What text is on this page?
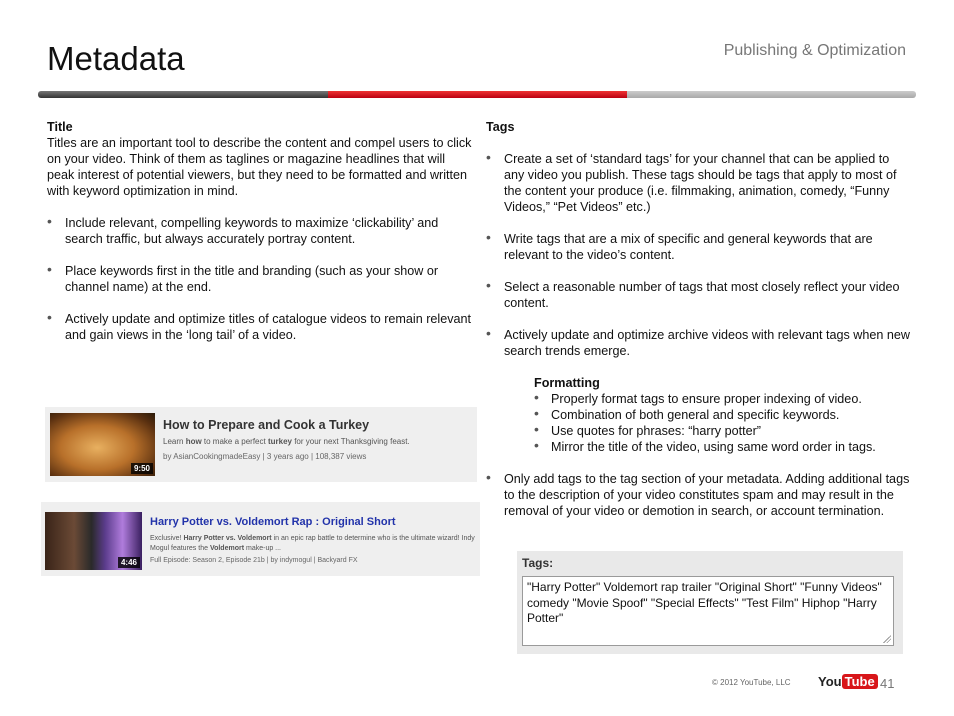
Metadata	Publishing & Optimization
Title

Titles are an important tool to describe the content and compel users to click on your video. Think of them as taglines or magazine headlines that will peak interest of potential viewers, but they need to be formatted and written with keyword optimization in mind.

• Include relevant, compelling keywords to maximize ‘clickability’ and search traffic, but always accurately portray content.
• Place keywords first in the title and branding (such as your show or channel name) at the end.
• Actively update and optimize titles of catalogue videos to remain relevant and gain views in the ‘long tail’ of a video.
9:50
How to Prepare and Cook a Turkey
Learn how to make a perfect turkey for your next Thanksgiving feast.
by AsianCookingmadeEasy | 3 years ago | 108,387 views
4:46
Harry Potter vs. Voldemort Rap : Original Short
Exclusive! Harry Potter vs. Voldemort in an epic rap battle to determine who is the ultimate wizard! Indy Mogul features the Voldemort make-up ...
Full Episode: Season 2, Episode 21b | by indymogul | Backyard FX
Tags
• Create a set of ‘standard tags’ for your channel that can be applied to any video you publish. These tags should be tags that apply to most of the content your produce (i.e. filmmaking, animation, comedy, “Funny Videos,” “Pet Videos” etc.)
• Write tags that are a mix of specific and general keywords that are relevant to the video’s content.
• Select a reasonable number of tags that most closely reflect your video content.
• Actively update and optimize archive videos with relevant tags when new search trends emerge.
Formatting
• Properly format tags to ensure proper indexing of video.
• Combination of both general and specific keywords.
• Use quotes for phrases: “harry potter”
• Mirror the title of the video, using same word order in tags.
• Only add tags to the tag section of your metadata. Adding additional tags to the description of your video constitutes spam and may result in the removal of your video or demotion in search, or account termination.
Tags:
"Harry Potter" Voldemort rap trailer "Original Short" "Funny Videos" comedy "Movie Spoof" "Special Effects" "Test Film" Hiphop "Harry Potter"
© 2012 YouTube, LLC You Tube 41
